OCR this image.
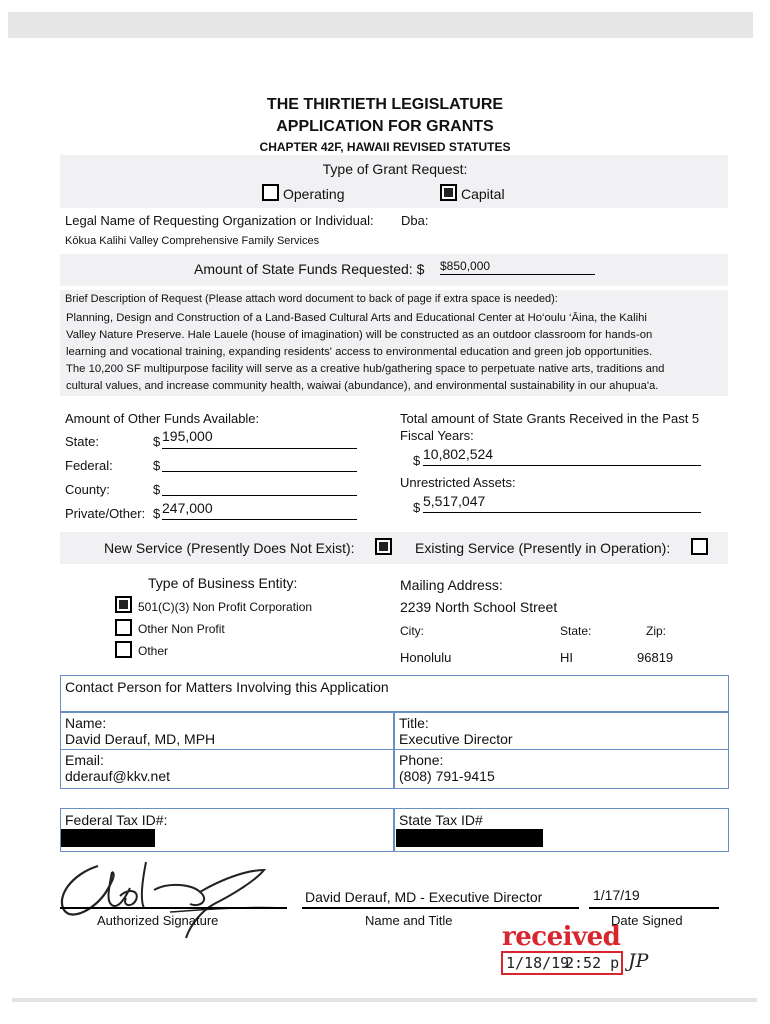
THE THIRTIETH LEGISLATURE
APPLICATION FOR GRANTS
CHAPTER 42F, HAWAII REVISED STATUTES
Type of Grant Request:
Operating	Capital
Legal Name of Requesting Organization or Individual: Dba:
Kōkua Kalihi Valley Comprehensive Family Services
Amount of State Funds Requested: $ $850,000
Brief Description of Request (Please attach word document to back of page if extra space is needed):
Planning, Design and Construction of a Land-Based Cultural Arts and Educational Center at Ho‘oulu ‘Āina, the Kalihi
Valley Nature Preserve. Hale Lauele (house of imagination) will be constructed as an outdoor classroom for hands-on
learning and vocational training, expanding residents' access to environmental education and green job opportunities.
The 10,200 SF multipurpose facility will serve as a creative hub/gathering space to perpetuate native arts, traditions and
cultural values, and increase community health, waiwai (abundance), and environmental sustainability in our ahupua'a.
Amount of Other Funds Available:
State:	$ 195,000
Federal:	$
County:	$
Private/Other: $ 247,000
Total amount of State Grants Received in the Past 5
Fiscal Years:
$ 10,802,524
Unrestricted Assets:
$ 5,517,047
New Service (Presently Does Not Exist):	Existing Service (Presently in Operation):
Type of Business Entity:
501(C)(3) Non Profit Corporation
Other Non Profit
Other
Mailing Address:
2239 North School Street
City:	State:	Zip:
Honolulu	HI	96819
Contact Person for Matters Involving this Application
Name:
David Derauf, MD, MPH
Title:
Executive Director
Email:
dderauf@kkv.net
Phone:
(808) 791-9415
Federal Tax ID#:	State Tax ID#
Authorized Signature
David Derauf, MD - Executive Director
Name and Title
1/17/19
Date Signed
received
1/18/19
2:52 p JP
